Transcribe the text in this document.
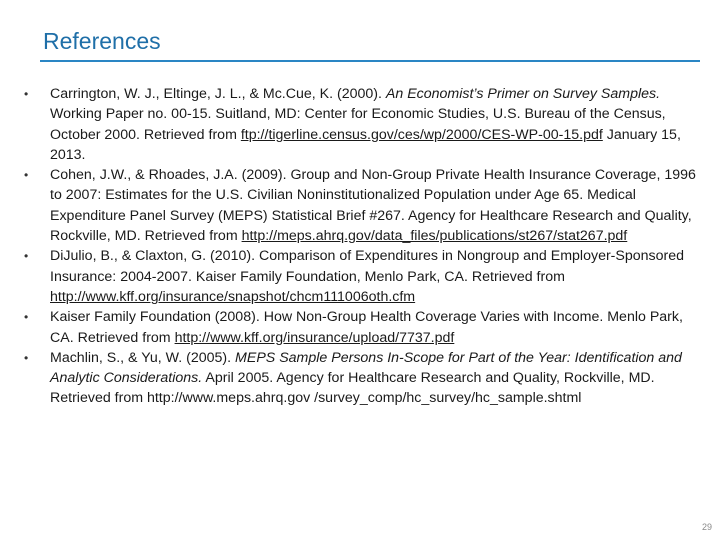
References
•	Carrington, W. J., Eltinge, J. L., & Mc.Cue, K. (2000). An Economist’s Primer on Survey Samples. Working Paper no. 00-15. Suitland, MD: Center for Economic Studies, U.S. Bureau of the Census, October 2000. Retrieved from ftp://tigerline.census.gov/ces/wp/2000/CES-WP-00-15.pdf January 15, 2013.
•	Cohen, J.W., & Rhoades, J.A. (2009). Group and Non-Group Private Health Insurance Coverage, 1996 to 2007: Estimates for the U.S. Civilian Noninstitutionalized Population under Age 65. Medical Expenditure Panel Survey (MEPS) Statistical Brief #267. Agency for Healthcare Research and Quality, Rockville, MD. Retrieved from http://meps.ahrq.gov/data_files/publications/st267/stat267.pdf
•	DiJulio, B., & Claxton, G. (2010). Comparison of Expenditures in Nongroup and Employer-Sponsored Insurance: 2004-2007. Kaiser Family Foundation, Menlo Park, CA. Retrieved from http://www.kff.org/insurance/snapshot/chcm111006oth.cfm
•	Kaiser Family Foundation (2008). How Non-Group Health Coverage Varies with Income. Menlo Park, CA. Retrieved from http://www.kff.org/insurance/upload/7737.pdf
•	Machlin, S., & Yu, W. (2005). MEPS Sample Persons In-Scope for Part of the Year: Identification and Analytic Considerations. April 2005. Agency for Healthcare Research and Quality, Rockville, MD. Retrieved from http://www.meps.ahrq.gov /survey_comp/hc_survey/hc_sample.shtml
29
